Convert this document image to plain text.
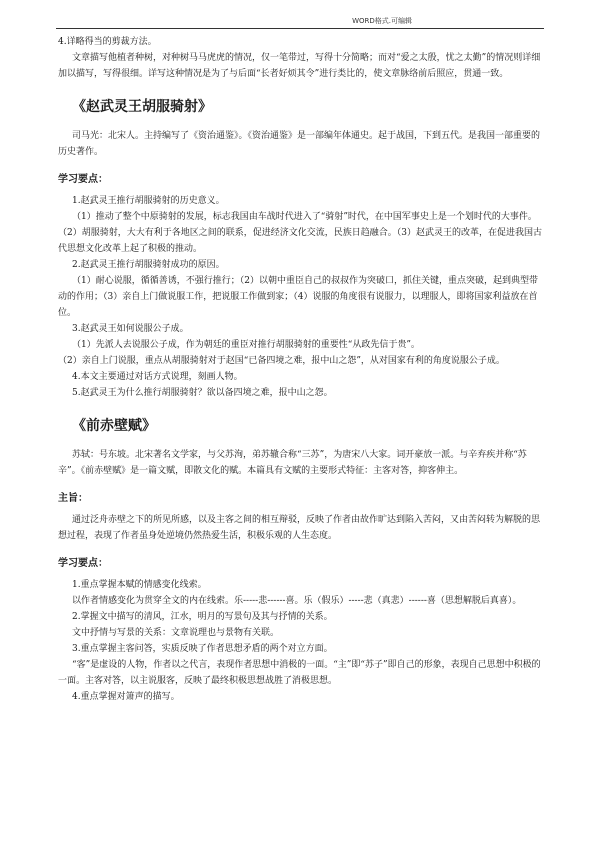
WORD格式.可编辑

4.详略得当的剪裁方法。

文章描写他植者种树，对种树马马虎虎的情况，仅一笔带过，写得十分简略；而对“爱之太殷，忧之太勤”的情况则详细加以描写，写得很细。详写这种情况是为了与后面“长者好烦其令”进行类比的，使文章脉络前后照应，贯通一致。

《赵武灵王胡服骑射》

司马光：北宋人。主持编写了《资治通鉴》。《资治通鉴》是一部编年体通史。起于战国，下到五代。是我国一部重要的历史著作。

学习要点：

1.赵武灵王推行胡服骑射的历史意义。

（1）推动了整个中原骑射的发展，标志我国由车战时代进入了“骑射”时代，在中国军事史上是一个划时代的大事件。（2）胡服骑射，大大有利于各地区之间的联系，促进经济文化交流，民族日趋融合。（3）赵武灵王的改革，在促进我国古代思想文化改革上起了积极的推动。

2.赵武灵王推行胡服骑射成功的原因。

（1）耐心说服，循循善诱，不强行推行；（2）以朝中重臣自己的叔叔作为突破口，抓住关键，重点突破，起到典型带动的作用；（3）亲自上门做说服工作，把说服工作做到家；（4）说服的角度很有说服力，以理服人，即将国家利益放在首位。

3.赵武灵王如何说服公子成。

（1）先派人去说服公子成，作为朝廷的重臣对推行胡服骑射的重要性“从政先信于贵”。

（2）亲自上门说服，重点从胡服骑射对于赵国“已备四境之难，报中山之怨”，从对国家有利的角度说服公子成。

4.本文主要通过对话方式说理，刻画人物。

5.赵武灵王为什么推行胡服骑射？欲以备四境之难，报中山之怨。

《前赤壁赋》

苏轼：号东坡。北宋著名文学家，与父苏洵，弟苏辙合称“三苏”，为唐宋八大家。词开豪放一派。与辛弃疾并称“苏辛”。《前赤壁赋》是一篇文赋，即散文化的赋。本篇具有文赋的主要形式特征：主客对答，抑客伸主。

主旨：

通过泛舟赤壁之下的所见所感，以及主客之间的相互辩驳，反映了作者由故作旷达到陷入苦闷，又由苦闷转为解脱的思想过程，表现了作者虽身处逆境仍然热爱生活，积极乐观的人生态度。

学习要点：

1.重点掌握本赋的情感变化线索。

以作者情感变化为贯穿全文的内在线索。乐-----悲------喜。乐（假乐）-----悲（真悲）------喜（思想解脱后真喜）。

2.掌握文中描写的清风，江水，明月的写景句及其与抒情的关系。

文中抒情与写景的关系：文章说理也与景物有关联。

3.重点掌握主客问答，实质反映了作者思想矛盾的两个对立方面。

“客”是虚设的人物，作者以之代言，表现作者思想中消极的一面。“主”即“苏子”即自己的形象，表现自己思想中积极的一面。主客对答，以主说服客，反映了最终积极思想战胜了消极思想。

4.重点掌握对箫声的描写。
